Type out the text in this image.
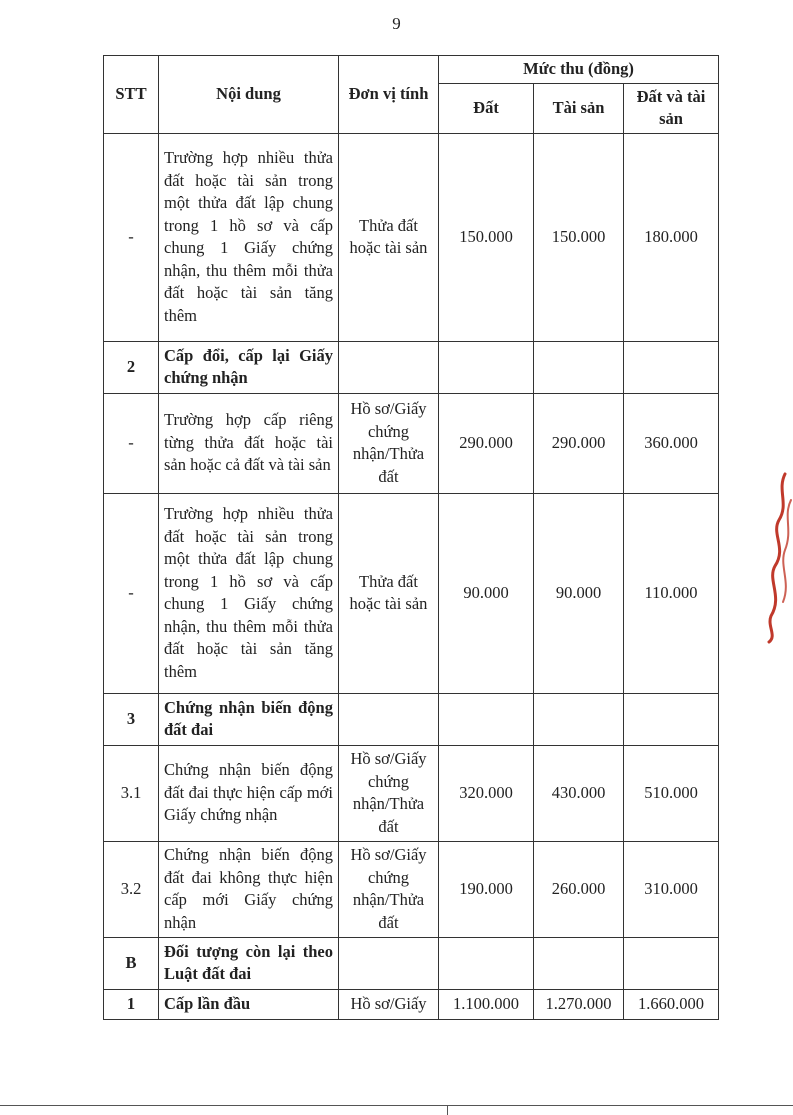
9
STT	Nội dung	Đơn vị tính	Mức thu (đồng)		
			Đất	Tài sản	Đất và tài sản
-	Trường hợp nhiều thửa đất hoặc tài sản trong một thửa đất lập chung trong 1 hồ sơ và cấp chung 1 Giấy chứng nhận, thu thêm mỗi thửa đất hoặc tài sản tăng thêm	Thửa đất hoặc tài sản	150.000	150.000	180.000
2	Cấp đổi, cấp lại Giấy chứng nhận				
-	Trường hợp cấp riêng từng thửa đất hoặc tài sản hoặc cả đất và tài sản	Hồ sơ/Giấy chứng nhận/Thửa đất	290.000	290.000	360.000
-	Trường hợp nhiều thửa đất hoặc tài sản trong một thửa đất lập chung trong 1 hồ sơ và cấp chung 1 Giấy chứng nhận, thu thêm mỗi thửa đất hoặc tài sản tăng thêm	Thửa đất hoặc tài sản	90.000	90.000	110.000
3	Chứng nhận biến động đất đai				
3.1	Chứng nhận biến động đất đai thực hiện cấp mới Giấy chứng nhận	Hồ sơ/Giấy chứng nhận/Thửa đất	320.000	430.000	510.000
3.2	Chứng nhận biến động đất đai không thực hiện cấp mới Giấy chứng nhận	Hồ sơ/Giấy chứng nhận/Thửa đất	190.000	260.000	310.000
B	Đối tượng còn lại theo Luật đất đai				
1	Cấp lần đầu	Hồ sơ/Giấy	1.100.000	1.270.000	1.660.000
